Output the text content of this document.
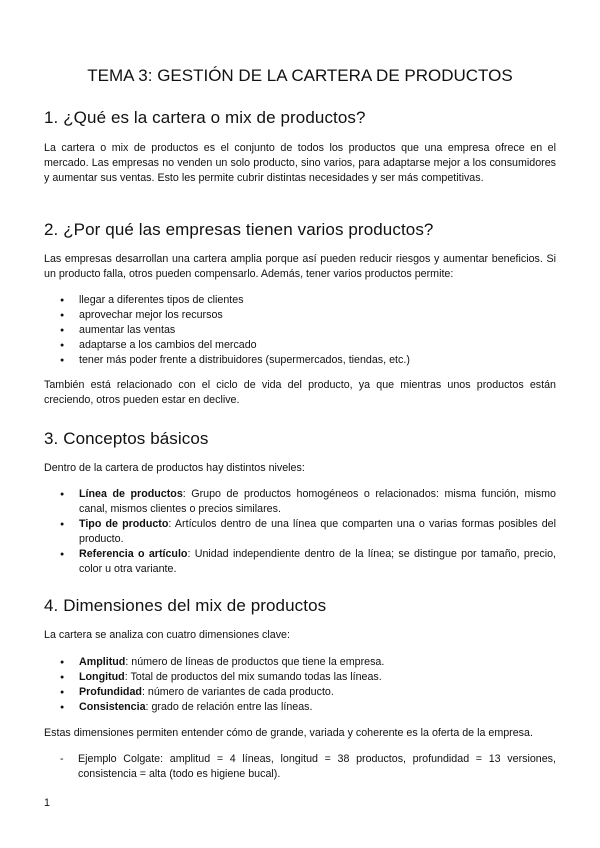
TEMA 3: GESTIÓN DE LA CARTERA DE PRODUCTOS
1. ¿Qué es la cartera o mix de productos?

La cartera o mix de productos es el conjunto de todos los productos que una empresa ofrece en el mercado. Las empresas no venden un solo producto, sino varios, para adaptarse mejor a los consumidores y aumentar sus ventas. Esto les permite cubrir distintas necesidades y ser más competitivas.

2. ¿Por qué las empresas tienen varios productos?

Las empresas desarrollan una cartera amplia porque así pueden reducir riesgos y aumentar beneficios. Si un producto falla, otros pueden compensarlo. Además, tener varios productos permite:

● llegar a diferentes tipos de clientes
● aprovechar mejor los recursos
● aumentar las ventas
● adaptarse a los cambios del mercado
● tener más poder frente a distribuidores (supermercados, tiendas, etc.)

También está relacionado con el ciclo de vida del producto, ya que mientras unos productos están creciendo, otros pueden estar en declive.

3. Conceptos básicos

Dentro de la cartera de productos hay distintos niveles:

● Línea de productos: Grupo de productos homogéneos o relacionados: misma función, mismo canal, mismos clientes o precios similares.
● Tipo de producto: Artículos dentro de una línea que comparten una o varias formas posibles del producto.
● Referencia o artículo: Unidad independiente dentro de la línea; se distingue por tamaño, precio, color u otra variante.
4. Dimensiones del mix de productos

La cartera se analiza con cuatro dimensiones clave:

● Amplitud: número de líneas de productos que tiene la empresa.
● Longitud: Total de productos del mix sumando todas las líneas.
● Profundidad: número de variantes de cada producto.
● Consistencia: grado de relación entre las líneas.

Estas dimensiones permiten entender cómo de grande, variada y coherente es la oferta de la empresa.

- Ejemplo Colgate: amplitud = 4 líneas, longitud = 38 productos, profundidad = 13 versiones, consistencia = alta (todo es higiene bucal).
1
